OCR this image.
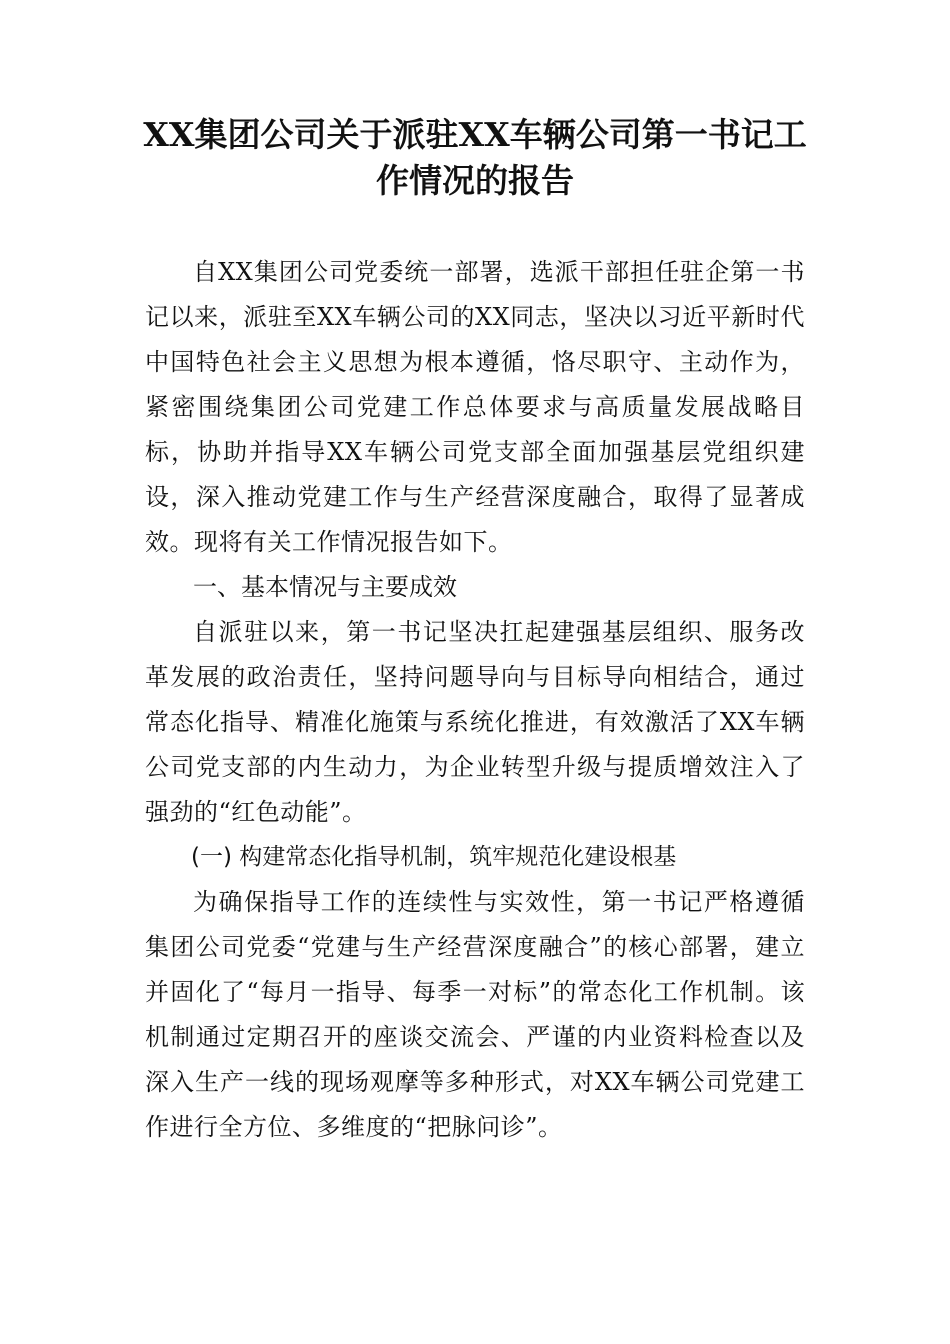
XX集团公司关于派驻XX车辆公司第一书记工作情况的报告

自XX集团公司党委统一部署，选派干部担任驻企第一书记以来，派驻至XX车辆公司的XX同志，坚决以习近平新时代中国特色社会主义思想为根本遵循，恪尽职守、主动作为，紧密围绕集团公司党建工作总体要求与高质量发展战略目标，协助并指导XX车辆公司党支部全面加强基层党组织建设，深入推动党建工作与生产经营深度融合，取得了显著成效。现将有关工作情况报告如下。

一、基本情况与主要成效

自派驻以来，第一书记坚决扛起建强基层组织、服务改革发展的政治责任，坚持问题导向与目标导向相结合，通过常态化指导、精准化施策与系统化推进，有效激活了XX车辆公司党支部的内生动力，为企业转型升级与提质增效注入了强劲的“红色动能”。

(一) 构建常态化指导机制，筑牢规范化建设根基

为确保指导工作的连续性与实效性，第一书记严格遵循集团公司党委“党建与生产经营深度融合”的核心部署，建立并固化了“每月一指导、每季一对标”的常态化工作机制。该机制通过定期召开的座谈交流会、严谨的内业资料检查以及深入生产一线的现场观摩等多种形式，对XX车辆公司党建工作进行全方位、多维度的“把脉问诊”。
